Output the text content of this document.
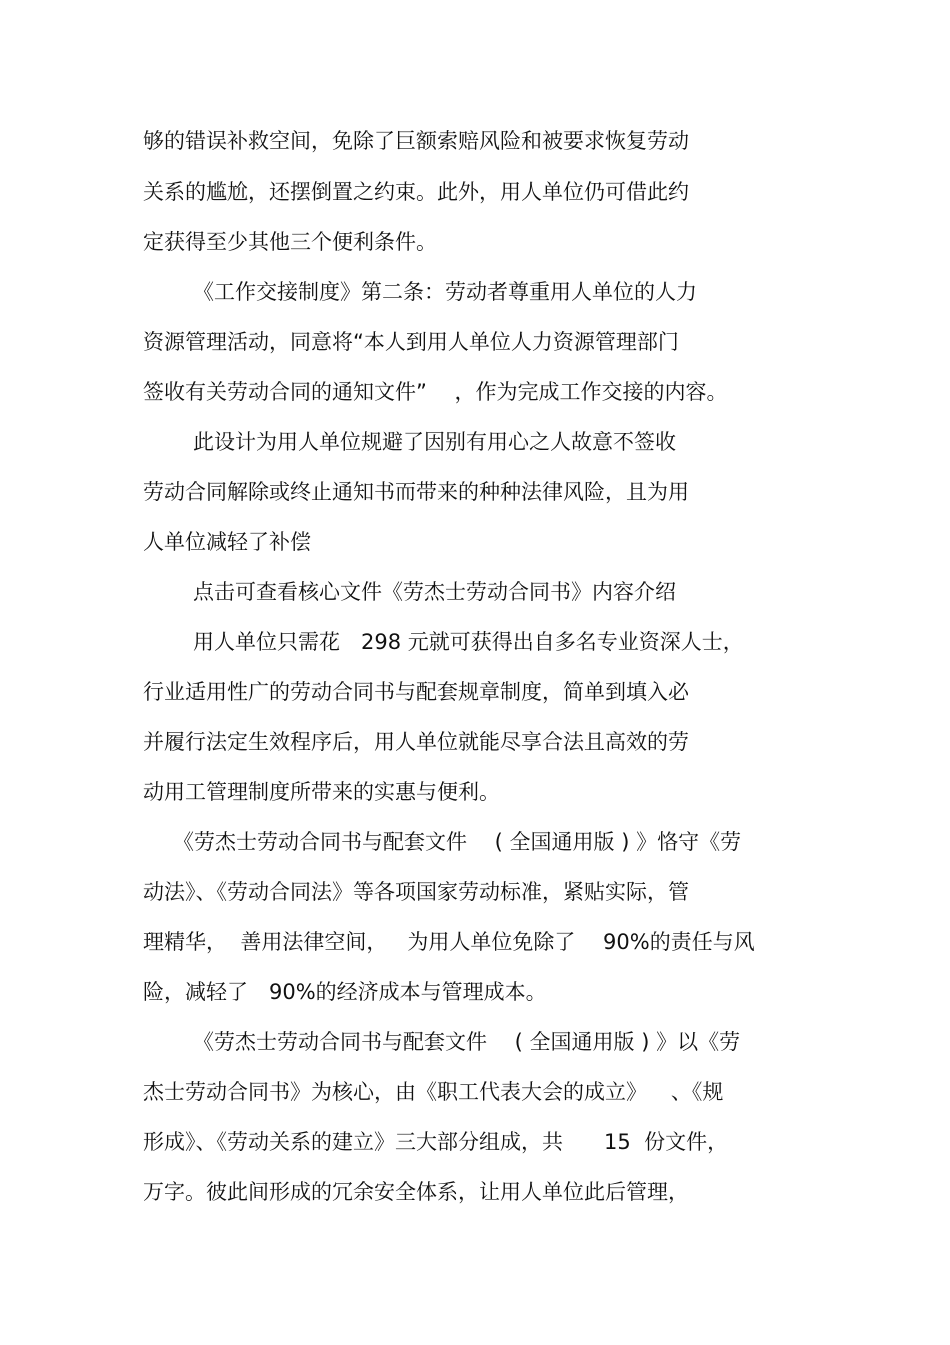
够的错误补救空间，免除了巨额索赔风险和被要求恢复劳动
关系的尴尬，还摆倒置之约束。此外，用人单位仍可借此约
定获得至少其他三个便利条件。
《工作交接制度》第二条：劳动者尊重用人单位的人力
资源管理活动，同意将“本人到用人单位人力资源管理部门
签收有关劳动合同的通知文件”　 ，作为完成工作交接的内容。
此设计为用人单位规避了因别有用心之人故意不签收
劳动合同解除或终止通知书而带来的种种法律风险，且为用
人单位减轻了补偿
点击可查看核心文件《劳杰士劳动合同书》内容介绍
用人单位只需花　298 元就可获得出自多名专业资深人士，
行业适用性广的劳动合同书与配套规章制度，简单到填入必
并履行法定生效程序后，用人单位就能尽享合法且高效的劳
动用工管理制度所带来的实惠与便利。
《劳杰士劳动合同书与配套文件　 ( 全国通用版 ) 》恪守《劳
动法》、《劳动合同法》等各项国家劳动标准，紧贴实际，管
理精华，  善用法律空间，   为用人单位免除了　 90%的责任与风
险，减轻了　90%的经济成本与管理成本。
《劳杰士劳动合同书与配套文件　 ( 全国通用版 ) 》以《劳
杰士劳动合同书》为核心，由《职工代表大会的成立》　  、《规
形成》、《劳动关系的建立》三大部分组成，共　   15  份文件，
万字。彼此间形成的冗余安全体系，让用人单位此后管理，
